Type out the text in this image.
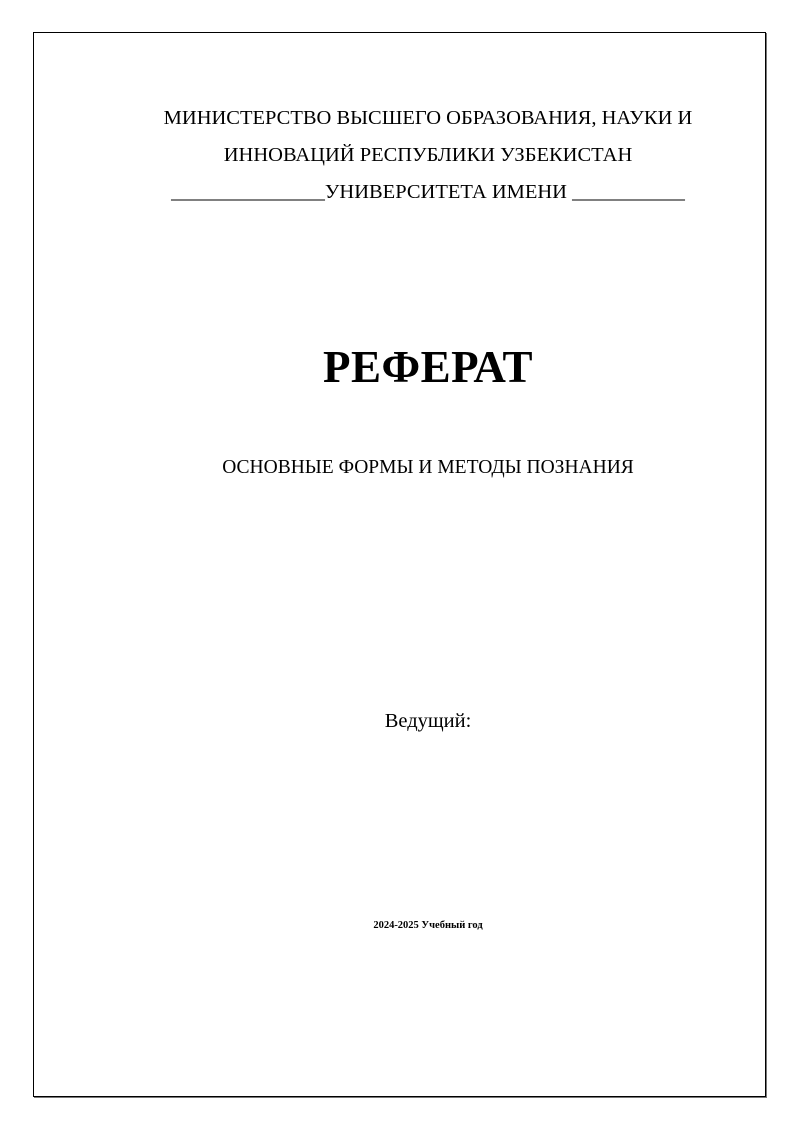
МИНИСТЕРСТВО ВЫСШЕГО ОБРАЗОВАНИЯ, НАУКИ И
ИННОВАЦИЙ РЕСПУБЛИКИ УЗБЕКИСТАН
_______________УНИВЕРСИТЕТА ИМЕНИ ___________
РЕФЕРАТ
ОСНОВНЫЕ ФОРМЫ И МЕТОДЫ ПОЗНАНИЯ
Ведущий:
2024-2025 Учебный год
